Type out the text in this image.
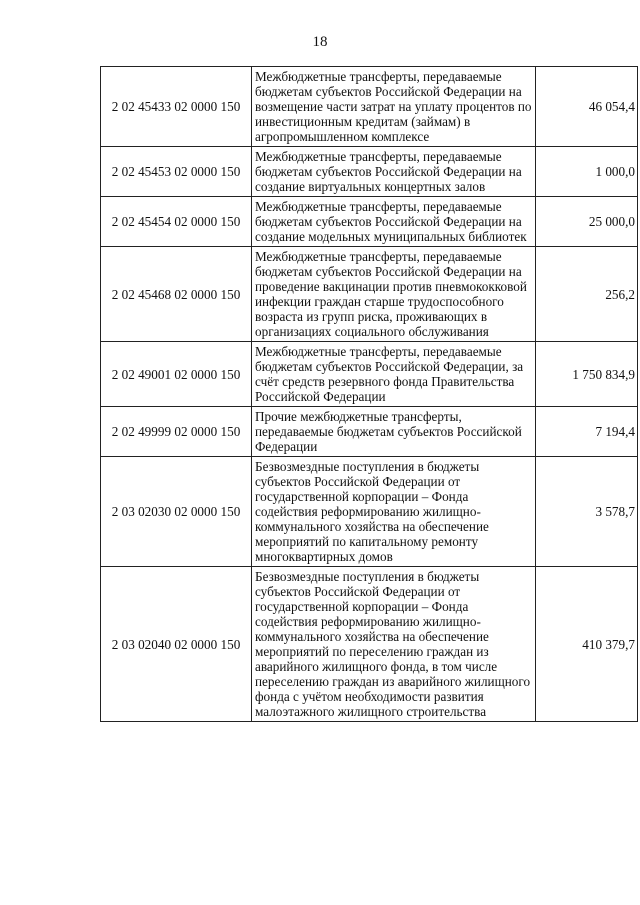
18
2 02 45433 02 0000 150	Межбюджетные трансферты, передаваемые бюджетам субъектов Российской Федерации на возмещение части затрат на уплату процентов по инвестиционным кредитам (займам) в агропромышленном комплексе	46 054,4
2 02 45453 02 0000 150	Межбюджетные трансферты, передаваемые бюджетам субъектов Российской Федерации на создание виртуальных концертных залов	1 000,0
2 02 45454 02 0000 150	Межбюджетные трансферты, передаваемые бюджетам субъектов Российской Федерации на создание модельных муниципальных библиотек	25 000,0
2 02 45468 02 0000 150	Межбюджетные трансферты, передаваемые бюджетам субъектов Российской Федерации на проведение вакцинации против пневмококковой инфекции граждан старше трудоспособного возраста из групп риска, проживающих в организациях социального обслуживания	256,2
2 02 49001 02 0000 150	Межбюджетные трансферты, передаваемые бюджетам субъектов Российской Федерации, за счёт средств резервного фонда Правительства Российской Федерации	1 750 834,9
2 02 49999 02 0000 150	Прочие межбюджетные трансферты, передаваемые бюджетам субъектов Российской Федерации	7 194,4
2 03 02030 02 0000 150	Безвозмездные поступления в бюджеты субъектов Российской Федерации от государственной корпорации – Фонда содействия реформированию жилищно-коммунального хозяйства на обеспечение мероприятий по капитальному ремонту многоквартирных домов	3 578,7
2 03 02040 02 0000 150	Безвозмездные поступления в бюджеты субъектов Российской Федерации от государственной корпорации – Фонда содействия реформированию жилищно-коммунального хозяйства на обеспечение мероприятий по переселению граждан из аварийного жилищного фонда, в том числе переселению граждан из аварийного жилищного фонда с учётом необходимости развития малоэтажного жилищного строительства	410 379,7
